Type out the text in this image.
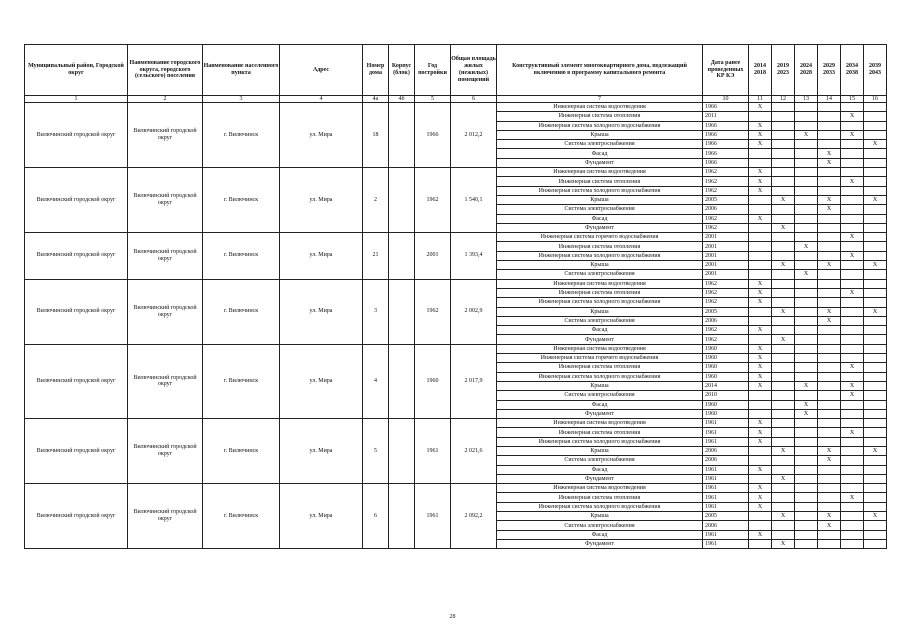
Муниципальный район, Городской округ	Наименование городского округа, городского (сельского) поселения	Наименование населенного пункта	Адрес	Номер дома	Корпус (блок)	Год постройки	Общая площадь жилых (нежилых) помещений	Конструктивный элемент многоквартирного дома, подлежащий включению в программу капитального ремонта	Дата ранее проведенных КР КЭ	2014 2018	2019 2023	2024 2028	2029 2033	2034 2038	2039 2043
1	2	3	4	4а	4б	5	6	7	10	11	12	13	14	15	16
Вилючинский городской округ	Вилючинский городской округ	г. Вилючинск	ул. Мира	18		1966	2 012,2	Инженерная система водоотведения	1966	X					
								Инженерная система отопления	2011					X	
								Инженерная система холодного водоснабжения	1966	X					
								Крыша	1966	X		X		X	
								Система электроснабжения	1966	X					X
								Фасад	1966				X		
								Фундамент	1966				X		
Вилючинский городской округ	Вилючинский городской округ	г. Вилючинск	ул. Мира	2		1962	1 540,1	Инженерная система водоотведения	1962	X					
								Инженерная система отопления	1962	X				X	
								Инженерная система холодного водоснабжения	1962	X					
								Крыша	2005		X		X		X
								Система электроснабжения	2006				X		
								Фасад	1962	X					
								Фундамент	1962		X				
Вилючинский городской округ	Вилючинский городской округ	г. Вилючинск	ул. Мира	21		2001	1 393,4	Инженерная система горячего водоснабжения	2001					X	
								Инженерная система отопления	2001			X			
								Инженерная система холодного водоснабжения	2001					X	
								Крыша	2001		X		X		X
								Система электроснабжения	2001			X			
Вилючинский городской округ	Вилючинский городской округ	г. Вилючинск	ул. Мира	3		1962	2 002,9	Инженерная система водоотведения	1962	X					
								Инженерная система отопления	1962	X				X	
								Инженерная система холодного водоснабжения	1962	X					
								Крыша	2005		X		X		X
								Система электроснабжения	2006				X		
								Фасад	1962	X					
								Фундамент	1962		X				
Вилючинский городской округ	Вилючинский городской округ	г. Вилючинск	ул. Мира	4		1960	2 017,9	Инженерная система водоотведения	1960	X					
								Инженерная система горячего водоснабжения	1960	X					
								Инженерная система отопления	1960	X				X	
								Инженерная система холодного водоснабжения	1960	X					
								Крыша	2014	X		X		X	
								Система электроснабжения	2010					X	
								Фасад	1960			X			
								Фундамент	1960			X			
Вилючинский городской округ	Вилючинский городской округ	г. Вилючинск	ул. Мира	5		1961	2 021,6	Инженерная система водоотведения	1961	X					
								Инженерная система отопления	1961	X				X	
								Инженерная система холодного водоснабжения	1961	X					
								Крыша	2006		X		X		X
								Система электроснабжения	2006				X		
								Фасад	1961	X					
								Фундамент	1961		X				
Вилючинский городской округ	Вилючинский городской округ	г. Вилючинск	ул. Мира	6		1961	2 092,2	Инженерная система водоотведения	1961	X					
								Инженерная система отопления	1961	X				X	
								Инженерная система холодного водоснабжения	1961	X					
								Крыша	2005		X		X		X
								Система электроснабжения	2006				X		
								Фасад	1961	X					
								Фундамент	1961		X				
28
